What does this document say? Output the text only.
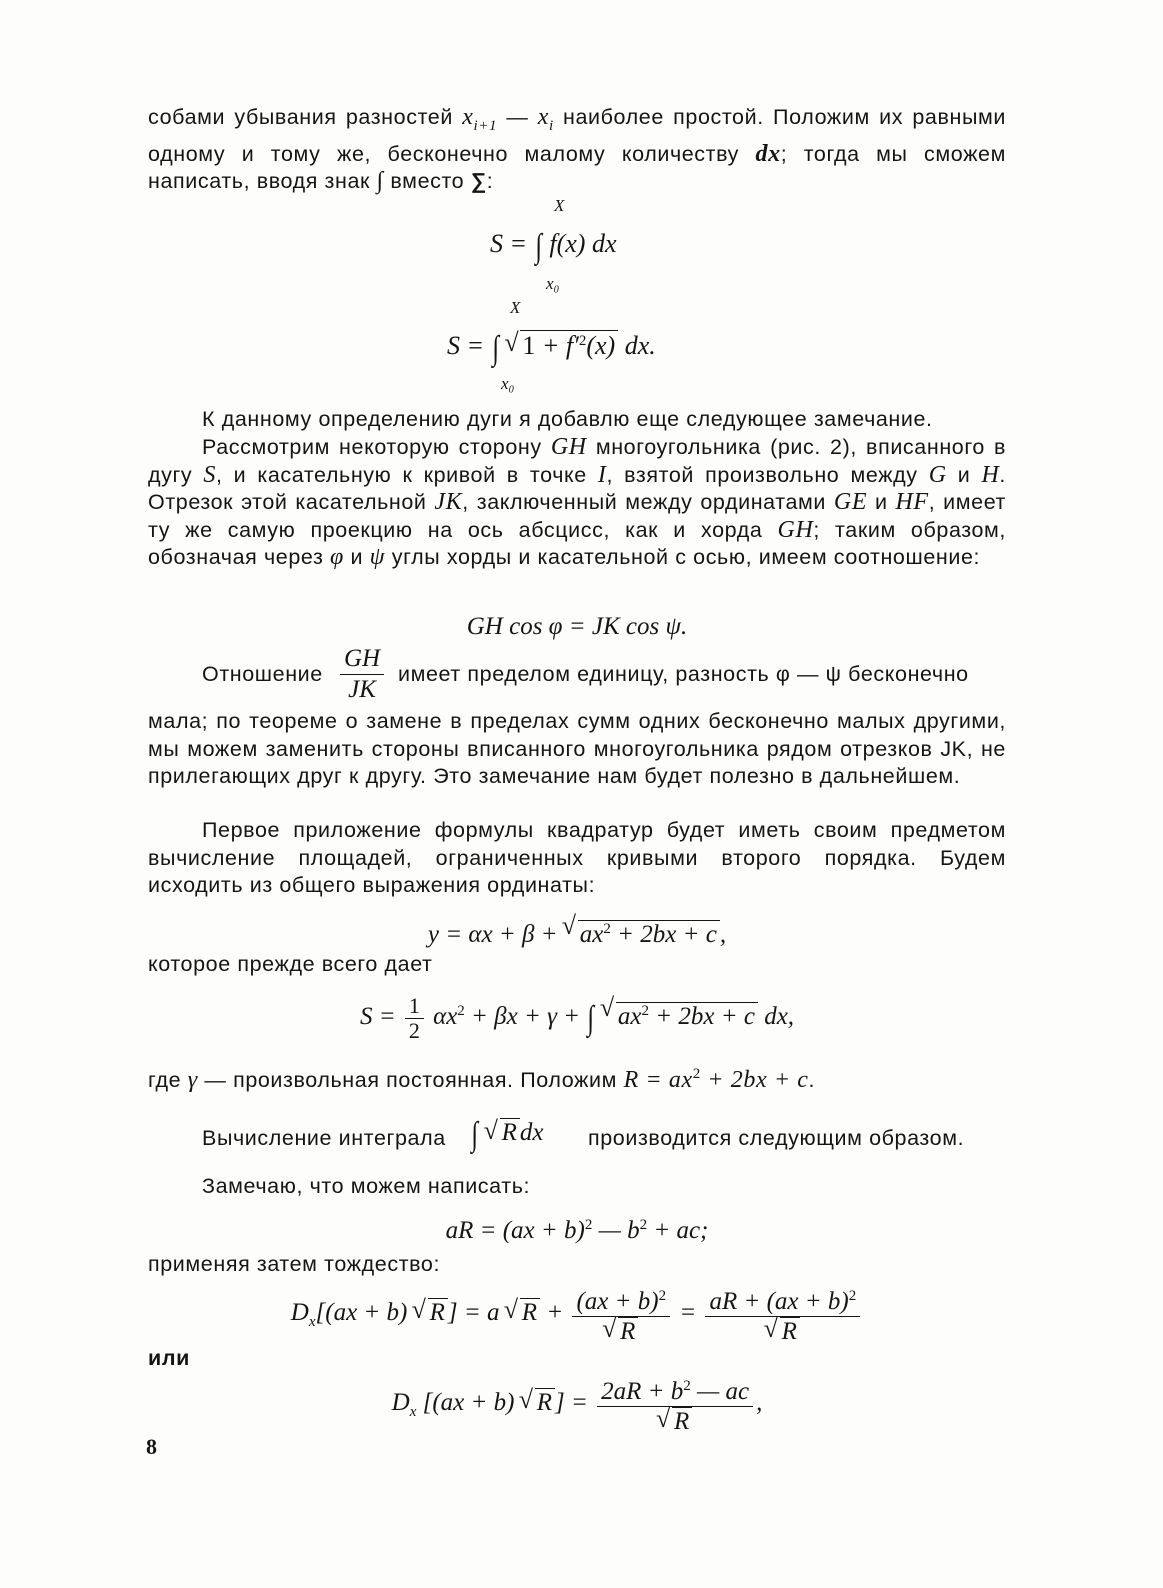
собами убывания разностей $x_{i+1}$ — $x_i$ наиболее простой. Положим их равными одному и тому же, бесконечно малому количеству dx; тогда мы сможем написать, вводя знак ∫ вместо ∑:
X
S = ∫ f(x) dx
x₀
X
S = ∫ √ $1 + f'^2(x)$ dx.
x₀
К данному определению дуги я добавлю еще следующее замечание.
Рассмотрим некоторую сторону GH многоугольника (рис. 2), вписанного в дугу S, и касательную к кривой в точке I, взятой произвольно между G и H. Отрезок этой касательной JK, заключенный между ординатами GE и HF, имеет ту же самую проекцию на ось абсцисс, как и хорда GH; таким образом, обозначая через φ и ψ углы хорды и касательной с осью, имеем соотношение:
GH cos φ = JK cos ψ.
Отношение $\frac{GH}{JK}$ имеет пределом единицу, разность φ — ψ бесконечно
мала; по теореме о замене в пределах сумм одних бесконечно малых другими, мы можем заменить стороны вписанного многоугольника рядом отрезков JK, не прилегающих друг к другу. Это замечание нам будет полезно в дальнейшем.
Первое приложение формулы квадратур будет иметь своим предметом вычисление площадей, ограниченных кривыми второго порядка. Будем исходить из общего выражения ординаты:
y = αx + β + √ $ax^2 + 2bx + c$ ,
которое прежде всего дает
$S = \frac{1}{2} \alpha x^2 + \beta x + \gamma$ + ∫ √ $ax^2 + 2bx + c$ dx,
где γ — произвольная постоянная. Положим $R = ax^2 + 2bx + c$.
Вычисление интеграла ∫ √ R dx производится следующим образом.
Замечаю, что можем написать:
aR = (ax + b)$^2$ — $b^2$ + ac;
применяя затем тождество:
$D_x[(ax + b)$ √ R ] = a √ R + (ax + b)$^2$
√ R = aR + (ax + b)$^2$
√ R
или
$D_x$ [(ax + b) √ R ] = $2aR + b^2$ — ac
√ R ,
8
